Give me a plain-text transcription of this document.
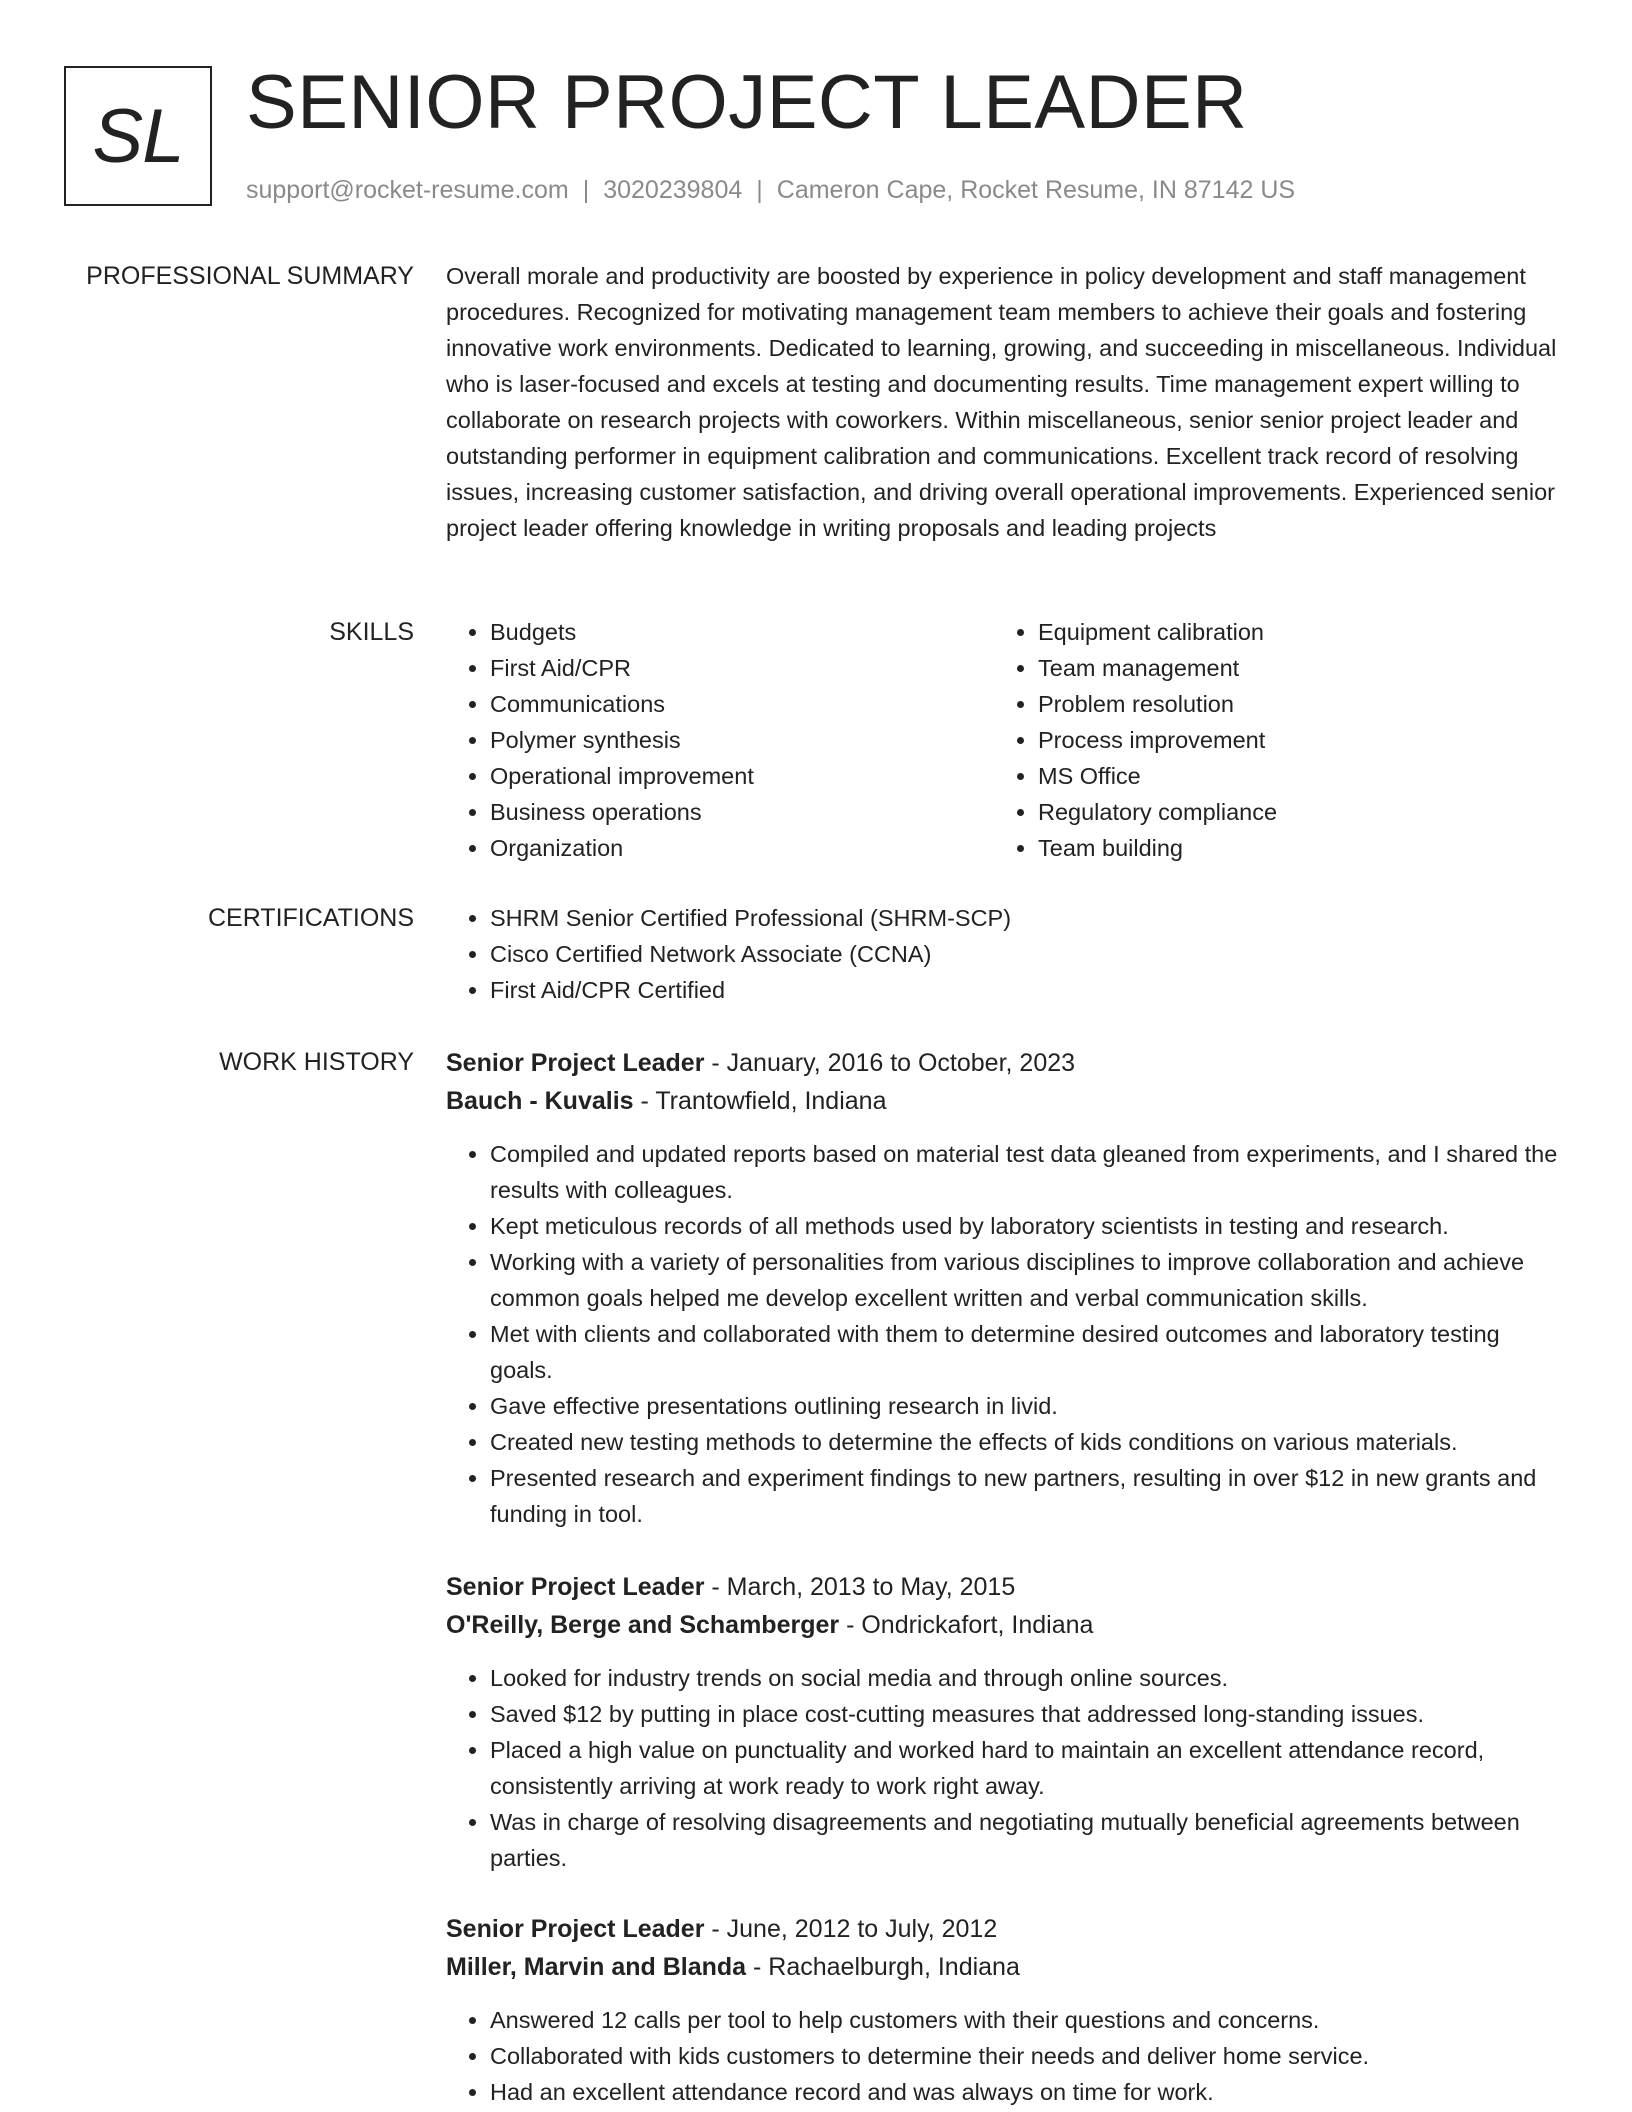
SL SENIOR PROJECT LEADER
support@rocket-resume.com | 3020239804 | Cameron Cape, Rocket Resume, IN 87142 US
PROFESSIONAL SUMMARY Overall morale and productivity are boosted by experience in policy development and staff management procedures. Recognized for motivating management team members to achieve their goals and fostering innovative work environments. Dedicated to learning, growing, and succeeding in miscellaneous. Individual who is laser-focused and excels at testing and documenting results. Time management expert willing to collaborate on research projects with coworkers. Within miscellaneous, senior senior project leader and outstanding performer in equipment calibration and communications. Excellent track record of resolving issues, increasing customer satisfaction, and driving overall operational improvements. Experienced senior project leader offering knowledge in writing proposals and leading projects

SKILLS	• Budgets
• First Aid/CPR
• Communications
• Polymer synthesis
• Operational improvement
• Business operations
• Organization
• Equipment calibration
• Team management
• Problem resolution
• Process improvement
• MS Office
• Regulatory compliance
• Team building
CERTIFICATIONS	• SHRM Senior Certified Professional (SHRM-SCP)
• Cisco Certified Network Associate (CCNA)
• First Aid/CPR Certified
WORK HISTORY Senior Project Leader - January, 2016 to October, 2023
Bauch - Kuvalis - Trantowfield, Indiana
• Compiled and updated reports based on material test data gleaned from experiments, and I shared the results with colleagues.
• Kept meticulous records of all methods used by laboratory scientists in testing and research.
• Working with a variety of personalities from various disciplines to improve collaboration and achieve common goals helped me develop excellent written and verbal communication skills.
• Met with clients and collaborated with them to determine desired outcomes and laboratory testing goals.
• Gave effective presentations outlining research in livid.
• Created new testing methods to determine the effects of kids conditions on various materials.
• Presented research and experiment findings to new partners, resulting in over $12 in new grants and funding in tool.
Senior Project Leader - March, 2013 to May, 2015
O'Reilly, Berge and Schamberger - Ondrickafort, Indiana
• Looked for industry trends on social media and through online sources.
• Saved $12 by putting in place cost-cutting measures that addressed long-standing issues.
• Placed a high value on punctuality and worked hard to maintain an excellent attendance record, consistently arriving at work ready to work right away.
• Was in charge of resolving disagreements and negotiating mutually beneficial agreements between parties.
Senior Project Leader - June, 2012 to July, 2012
Miller, Marvin and Blanda - Rachaelburgh, Indiana
• Answered 12 calls per tool to help customers with their questions and concerns.
• Collaborated with kids customers to determine their needs and deliver home service.
• Had an excellent attendance record and was always on time for work.
